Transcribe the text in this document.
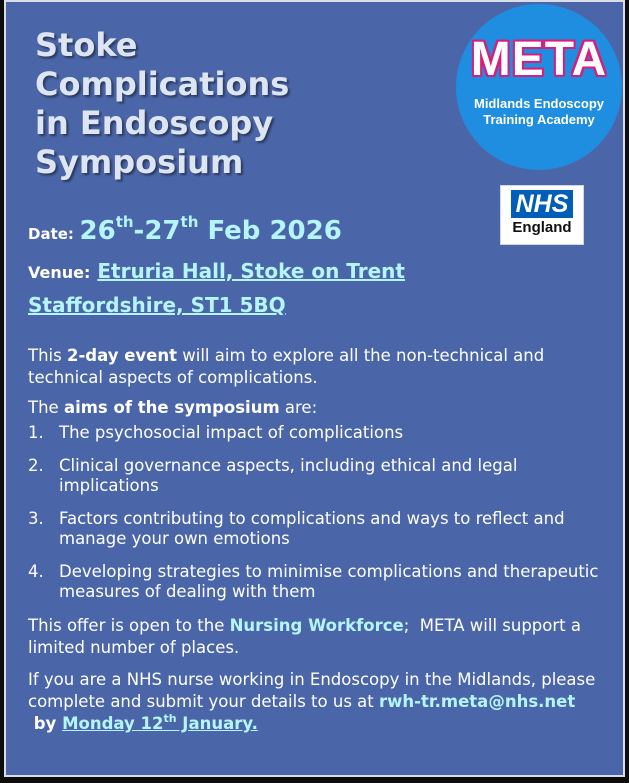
Stoke
Complications
in Endoscopy
Symposium
META
Midlands Endoscopy
Training Academy
NHS
England
Date: 26th-27th Feb 2026
Venue: Etruria Hall, Stoke on Trent
Staffordshire, ST1 5BQ

This 2-day event will aim to explore all the non-technical and technical aspects of complications.

The aims of the symposium are:

1. The psychosocial impact of complications
2. Clinical governance aspects, including ethical and legal implications
3. Factors contributing to complications and ways to reflect and manage your own emotions
4. Developing strategies to minimise complications and therapeutic measures of dealing with them

This offer is open to the Nursing Workforce;  META will support a limited number of places.

If you are a NHS nurse working in Endoscopy in the Midlands, please complete and submit your details to us at rwh-tr.meta@nhs.net by Monday 12th January.
